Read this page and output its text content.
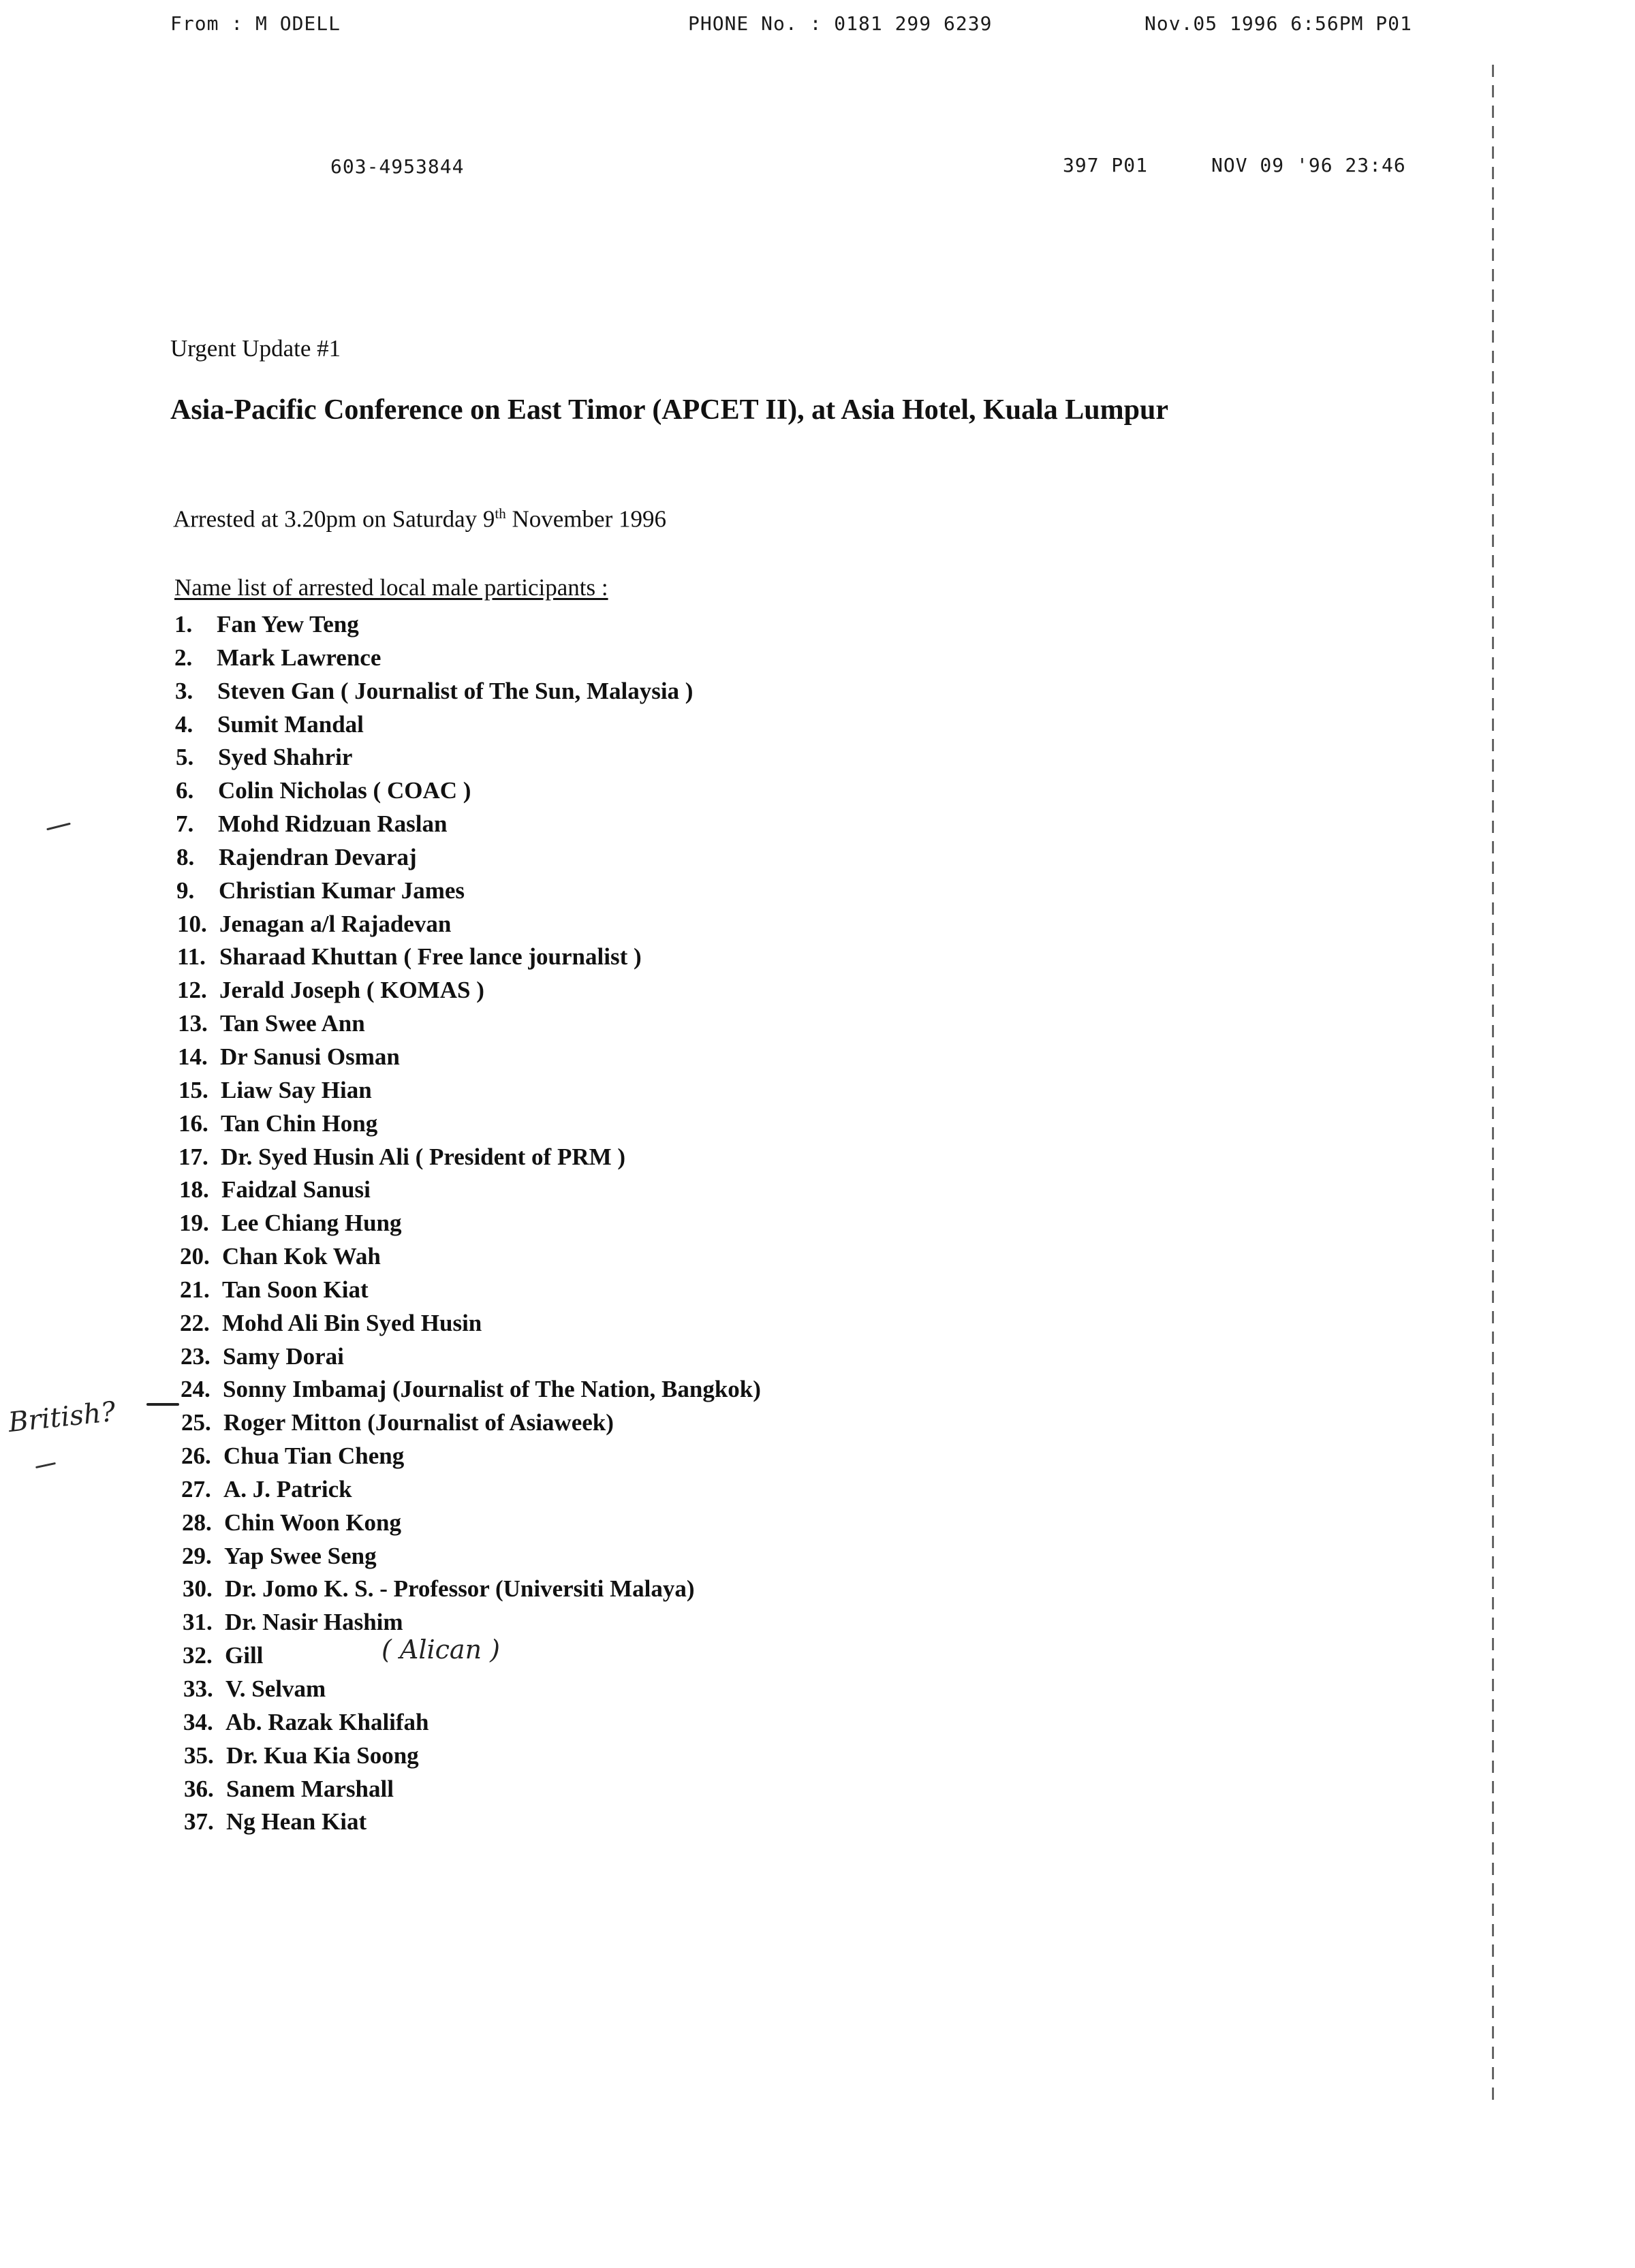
From : M ODELL	PHONE No. : 0181 299 6239	Nov.05 1996 6:56PM P01
603-4953844	397 P01	NOV 09 '96 23:46
Urgent Update #1
Asia-Pacific Conference on East Timor (APCET II), at Asia Hotel, Kuala Lumpur
Arrested at 3.20pm on Saturday 9th November 1996
Name list of arrested local male participants :
1. Fan Yew Teng
2. Mark Lawrence
3. Steven Gan ( Journalist of The Sun, Malaysia )
4. Sumit Mandal
5. Syed Shahrir
6. Colin Nicholas ( COAC )
7. Mohd Ridzuan Raslan
8. Rajendran Devaraj
9. Christian Kumar James
10. Jenagan a/l Rajadevan
11. Sharaad Khuttan ( Free lance journalist )
12. Jerald Joseph ( KOMAS )
13. Tan Swee Ann
14. Dr Sanusi Osman
15. Liaw Say Hian
16. Tan Chin Hong
17. Dr. Syed Husin Ali ( President of PRM )
18. Faidzal Sanusi
19. Lee Chiang Hung
20. Chan Kok Wah
21. Tan Soon Kiat
22. Mohd Ali Bin Syed Husin
23. Samy Dorai
24. Sonny Imbamaj (Journalist of The Nation, Bangkok)
25. Roger Mitton (Journalist of Asiaweek)
26. Chua Tian Cheng
27. A. J. Patrick
28. Chin Woon Kong
29. Yap Swee Seng
30. Dr. Jomo K. S. - Professor (Universiti Malaya)
31. Dr. Nasir Hashim
32. Gill
33. V. Selvam
34. Ab. Razak Khalifah
35. Dr. Kua Kia Soong
36. Sanem Marshall
37. Ng Hean Kiat
British?
( Alican )
